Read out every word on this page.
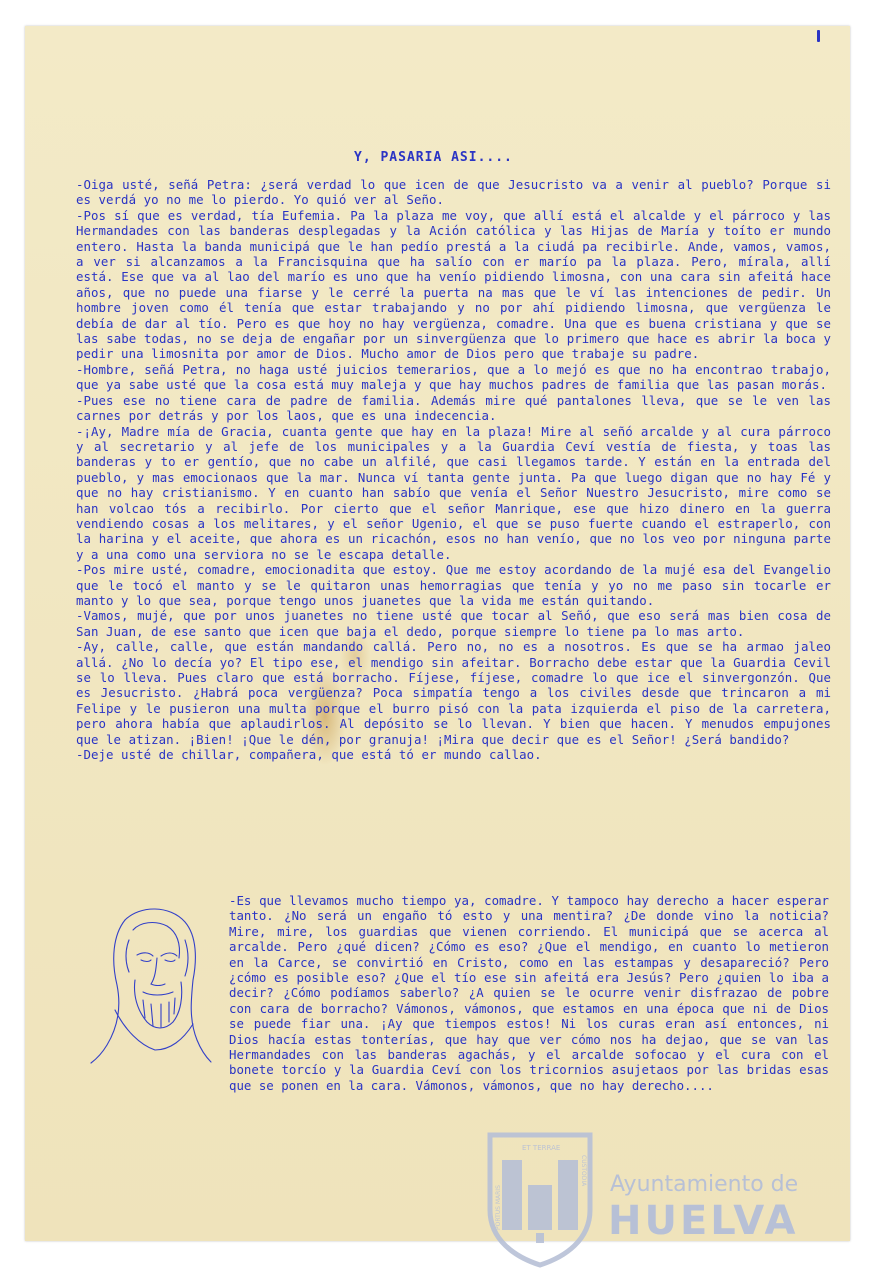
Y, PASARIA ASI....

-Oiga usté, señá Petra: ¿será verdad lo que icen de que Jesucristo va a venir al pueblo? Porque si es verdá yo no me lo pierdo. Yo quió ver al Seño.

-Pos sí que es verdad, tía Eufemia. Pa la plaza me voy, que allí está el alcalde y el párroco y las Hermandades con las banderas desplegadas y la Ación católica y las Hijas de María y toíto er mundo entero. Hasta la banda municipá que le han pedío prestá a la ciudá pa recibirle. Ande, vamos, vamos, a ver si alcanzamos a la Francisquina que ha salío con er marío pa la plaza. Pero, mírala, allí está. Ese que va al lao del marío es uno que ha venío pidiendo limosna, con una cara sin afeitá hace años, que no puede una fiarse y le cerré la puerta na mas que le ví las intenciones de pedir. Un hombre joven como él tenía que estar trabajando y no por ahí pidiendo limosna, que vergüenza le debía de dar al tío. Pero es que hoy no hay vergüenza, comadre. Una que es buena cristiana y que se las sabe todas, no se deja de engañar por un sinvergüenza que lo primero que hace es abrir la boca y pedir una limosnita por amor de Dios. Mucho amor de Dios pero que trabaje su padre.

-Hombre, señá Petra, no haga usté juicios temerarios, que a lo mejó es que no ha encontrao trabajo, que ya sabe usté que la cosa está muy maleja y que hay muchos padres de familia que las pasan morás.

-Pues ese no tiene cara de padre de familia. Además mire qué pantalones lleva, que se le ven las carnes por detrás y por los laos, que es una indecencia.

-¡Ay, Madre mía de Gracia, cuanta gente que hay en la plaza! Mire al señó arcalde y al cura párroco y al secretario y al jefe de los municipales y a la Guardia Ceví vestía de fiesta, y toas las banderas y to er gentío, que no cabe un alfilé, que casi llegamos tarde. Y están en la entrada del pueblo, y mas emocionaos que la mar. Nunca ví tanta gente junta. Pa que luego digan que no hay Fé y que no hay cristianismo. Y en cuanto han sabío que venía el Señor Nuestro Jesucristo, mire como se han volcao tós a recibirlo. Por cierto que el señor Manrique, ese que hizo dinero en la guerra vendiendo cosas a los melitares, y el señor Ugenio, el que se puso fuerte cuando el estraperlo, con la harina y el aceite, que ahora es un ricachón, esos no han venío, que no los veo por ninguna parte y a una como una serviora no se le escapa detalle.

-Pos mire usté, comadre, emocionadita que estoy. Que me estoy acordando de la mujé esa del Evangelio que le tocó el manto y se le quitaron unas hemorragias que tenía y yo no me paso sin tocarle er manto y lo que sea, porque tengo unos juanetes que la vida me están quitando.

-Vamos, mujé, que por unos juanetes no tiene usté que tocar al Señó, que eso será mas bien cosa de San Juan, de ese santo que icen que baja el dedo, porque siempre lo tiene pa lo mas arto.

-Ay, calle, calle, que están mandando callá. Pero no, no es a nosotros. Es que se ha armao jaleo allá. ¿No lo decía yo? El tipo ese, el mendigo sin afeitar. Borracho debe estar que la Guardia Cevil se lo lleva. Pues claro que está borracho. Fíjese, fíjese, comadre lo que ice el sinvergonzón. Que es Jesucristo. ¿Habrá poca vergüenza? Poca simpatía tengo a los civiles desde que trincaron a mi Felipe y le pusieron una multa porque el burro pisó con la pata izquierda el piso de la carretera, pero ahora había que aplaudirlos. Al depósito se lo llevan. Y bien que hacen. Y menudos empujones que le atizan. ¡Bien! ¡Que le dén, por granuja! ¡Mira que decir que es el Señor! ¿Será bandido?

-Deje usté de chillar, compañera, que está tó er mundo callao.

-Es que llevamos mucho tiempo ya, comadre. Y tampoco hay derecho a hacer esperar tanto. ¿No será un engaño tó esto y una mentira? ¿De donde vino la noticia? Mire, mire, los guardias que vienen corriendo. El municipá que se acerca al arcalde. Pero ¿qué dicen? ¿Cómo es eso? ¿Que el mendigo, en cuanto lo metieron en la Carce, se convirtió en Cristo, como en las estampas y desapareció? Pero ¿cómo es posible eso? ¿Que el tío ese sin afeitá era Jesús? Pero ¿quien lo iba a decir? ¿Cómo podíamos saberlo? ¿A quien se le ocurre venir disfrazao de pobre con cara de borracho? Vámonos, vámonos, que estamos en una época que ni de Dios se puede fiar una. ¡Ay que tiempos estos! Ni los curas eran así entonces, ni Dios hacía estas tonterías, que hay que ver cómo nos ha dejao, que se van las Hermandades con las banderas agachás, y el arcalde sofocao y el cura con el bonete torcío y la Guardia Ceví con los tricornios asujetaos por las bridas esas que se ponen en la cara. Vámonos, vámonos, que no hay derecho....

ET TERRAE
PORTUS MARIS
CUSTODIA Ayuntamiento de
HUELVA
